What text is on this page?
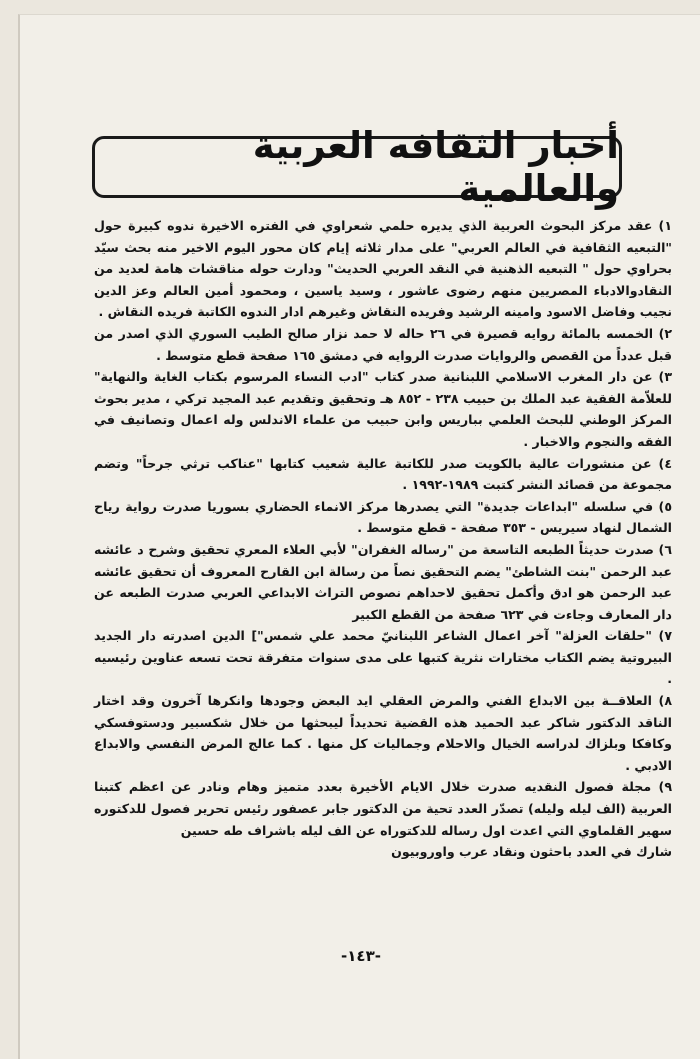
أخبار الثقافه العربية والعالمية

١) عقد مركز البحوث العربية الذي يديره حلمي شعراوي في الفتره الاخيرة ندوه كبيرة حول "التبعيه الثقافية في العالم العربي" على مدار ثلاثه إيام كان محور اليوم الاخير منه بحث سيّد بحراوي حول " التبعيه الذهنية في النقد العربي الحديث" ودارت حوله مناقشات هامة لعديد من النقادوالادباء المصريين منهم رضوى عاشور ، وسيد ياسين ، ومحمود أمين العالم وعز الدين نجيب وفاضل الاسود وامينه الرشيد وفريده النقاش وغيرهم ادار الندوه الكاتبة فريده النقاش .

٢) الخمسه بالمائة روايه قصيرة في ٢٦ حاله لا حمد نزار صالح الطيب السوري الذي اصدر من قبل عدداً من القصص والروايات صدرت الروايه في دمشق ١٦٥ صفحة قطع متوسط .

٣) عن دار المغرب الاسلامي اللبنانية صدر كتاب "ادب النساء المرسوم بكتاب الغاية والنهاية" للعلاّمة الفقية عبد الملك بن حبيب ٢٣٨ - ٨٥٢ هـ وتحقيق وتقديم عبد المجيد تركي ، مدير بحوث المركز الوطني للبحث العلمي بباريس وابن حبيب من علماء الاندلس وله اعمال وتصانيف في الفقه والنجوم والاخبار .

٤) عن منشورات عالية بالكويت صدر للكاتبة عالية شعيب كتابها "عناكب ترثي جرحاً" وتضم مجموعة من قصائد النشر كتبت ١٩٨٩-١٩٩٢ .

٥) في سلسله "ابداعات جديدة" التي يصدرها مركز الانماء الحضاري بسوريا صدرت رواية رياح الشمال لنهاد سيريس - ٣٥٣ صفحة - قطع متوسط .

٦) صدرت حديثاً الطبعه التاسعة من "رساله الغفران" لأبي العلاء المعري تحقيق وشرح د عائشه عبد الرحمن "بنت الشاطئ" يضم التحقيق نصاً من رسالة ابن القارح المعروف أن تحقيق عائشه عبد الرحمن هو ادق وأكمل تحقيق لاحداهم نصوص التراث الابداعي العربي صدرت الطبعه عن دار المعارف وجاءت في ٦٢٣ صفحة من القطع الكبير

٧) "حلقات العزلة" آخر اعمال الشاعر اللبنانيّ محمد علي شمس"] الدين اصدرته دار الجديد البيروتية يضم الكتاب مختارات نثرية كتبها على مدى سنوات متفرقة تحت تسعه عناوين رئيسيه .

٨) العلاقــة بين الابداع الفني والمرض العقلي ايد البعض وجودها وانكرها آخرون وقد اختار الناقد الدكتور شاكر عبد الحميد هذه القضية تحديداً ليبحثها من خلال شكسبير ودستوفسكي وكافكا وبلزاك لدراسه الخيال والاحلام وجماليات كل منها . كما عالج المرض النفسي والابداع الادبي .

٩) مجلة فصول النقديه صدرت خلال الايام الأخيرة بعدد متميز وهام ونادر عن اعظم كتبنا العربية (الف ليله وليله) تصدّر العدد تحية من الدكتور جابر عصفور رئيس تحرير فصول للدكتوره سهير القلماوي التي اعدت اول رساله للدكتوراه عن الف ليله باشراف طه حسين

شارك في العدد باحثون ونقاد عرب واوروبيون

-١٤٣-
